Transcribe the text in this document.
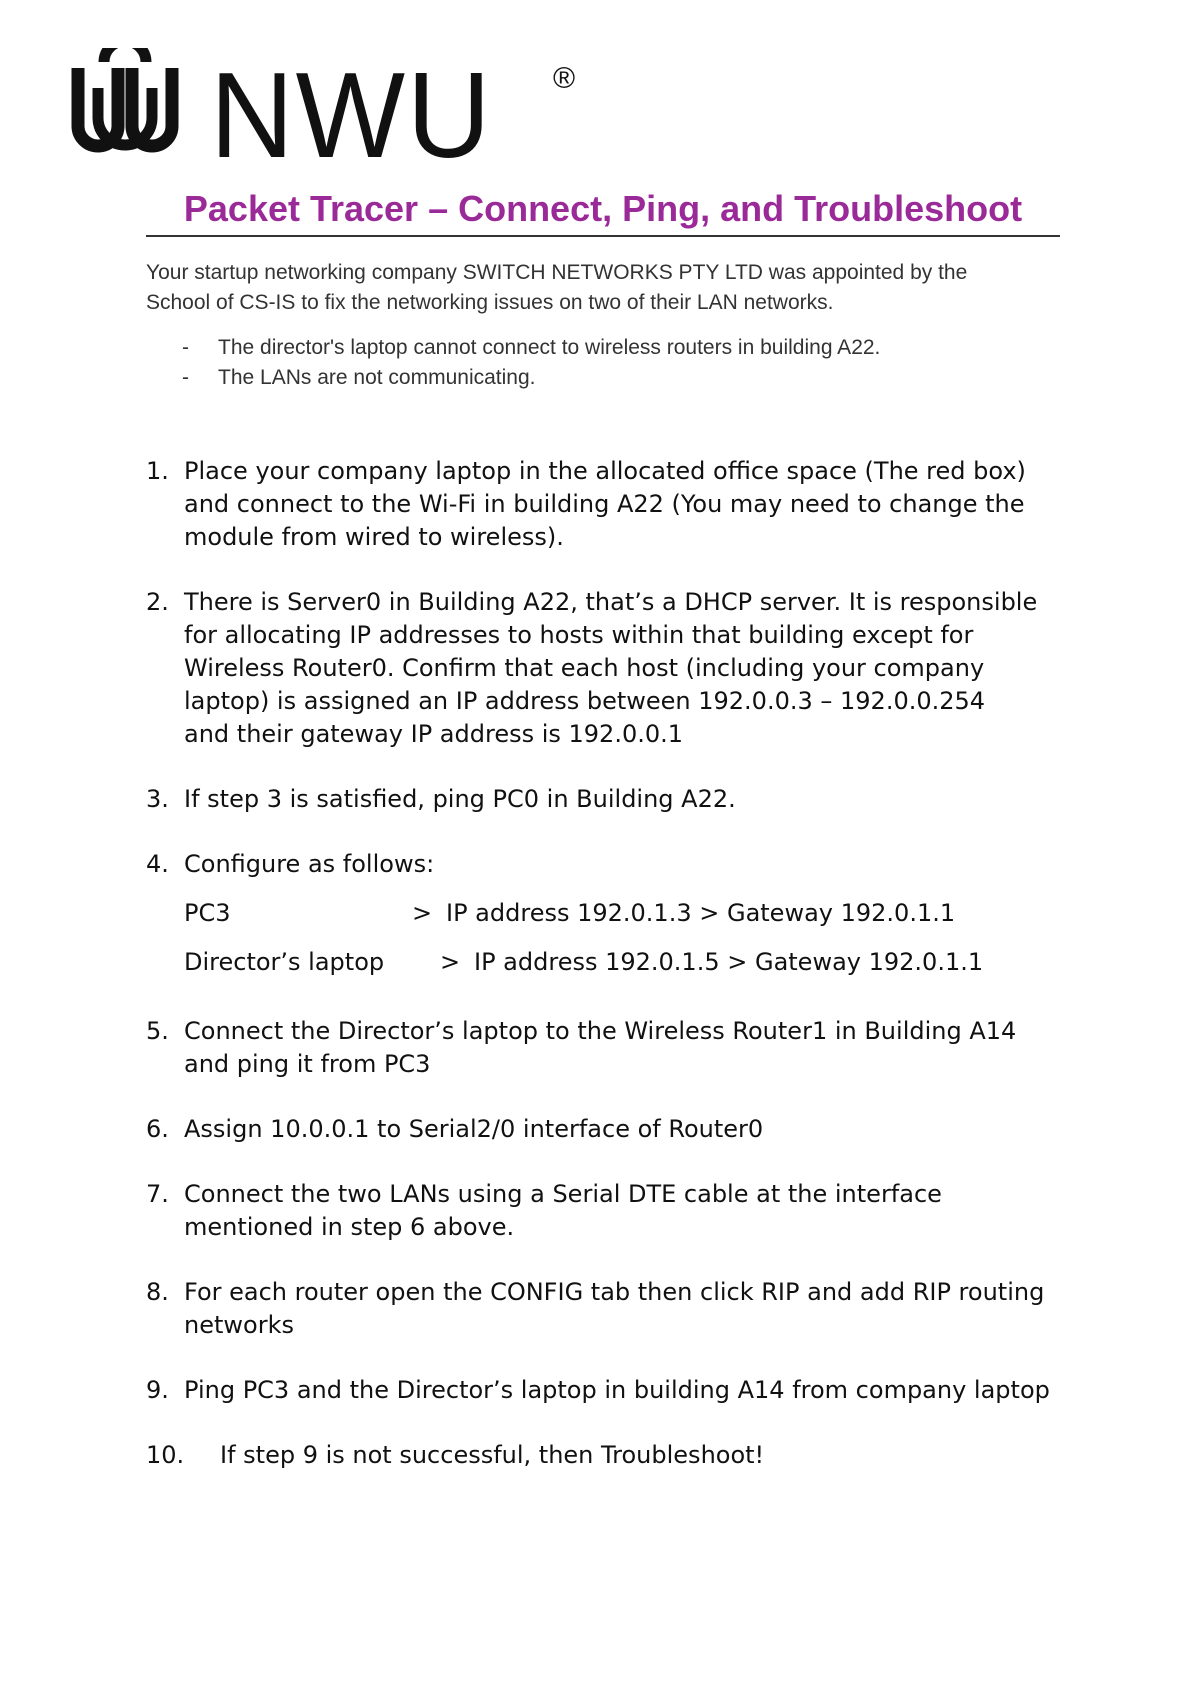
NWU ®
Packet Tracer – Connect, Ping, and Troubleshoot
Your startup networking company SWITCH NETWORKS PTY LTD was appointed by the
School of CS-IS to fix the networking issues on two of their LAN networks.
- The director's laptop cannot connect to wireless routers in building A22.
- The LANs are not communicating.
1. Place your company laptop in the allocated office space (The red box)
and connect to the Wi-Fi in building A22 (You may need to change the
module from wired to wireless).
2. There is Server0 in Building A22, that’s a DHCP server. It is responsible
for allocating IP addresses to hosts within that building except for
Wireless Router0. Confirm that each host (including your company
laptop) is assigned an IP address between 192.0.0.3 – 192.0.0.254
and their gateway IP address is 192.0.0.1
3. If step 3 is satisfied, ping PC0 in Building A22.
4. Configure as follows:
PC3	> IP address 192.0.1.3 > Gateway 192.0.1.1
Director’s laptop	> IP address 192.0.1.5 > Gateway 192.0.1.1
5. Connect the Director’s laptop to the Wireless Router1 in Building A14
and ping it from PC3
6. Assign 10.0.0.1 to Serial2/0 interface of Router0
7. Connect the two LANs using a Serial DTE cable at the interface
mentioned in step 6 above.
8. For each router open the CONFIG tab then click RIP and add RIP routing
networks
9. Ping PC3 and the Director’s laptop in building A14 from company laptop
10. If step 9 is not successful, then Troubleshoot!
